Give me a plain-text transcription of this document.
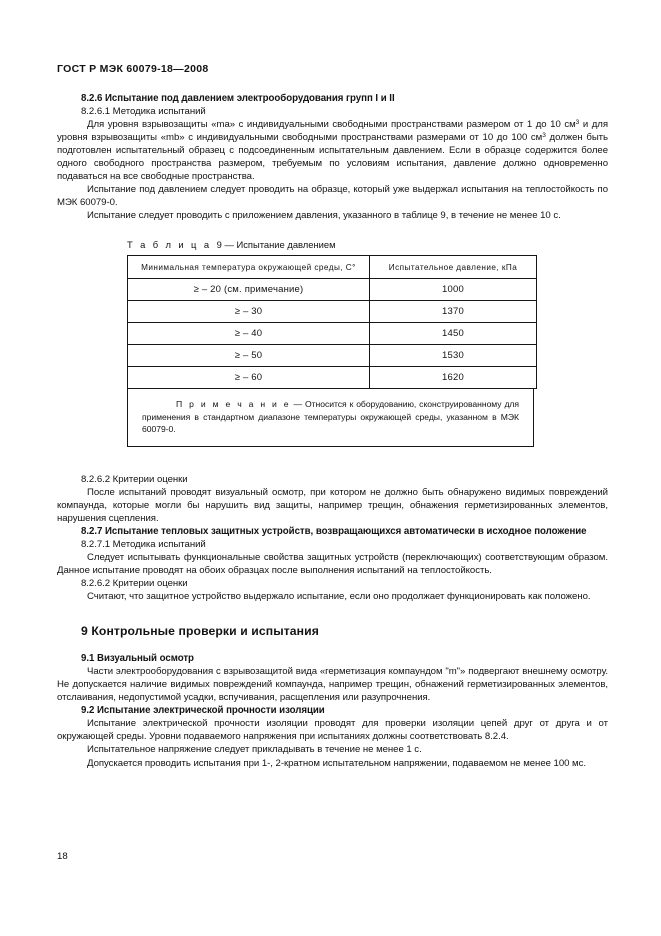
ГОСТ Р МЭК 60079-18—2008

8.2.6 Испытание под давлением электрооборудования групп I и II

8.2.6.1 Методика испытаний

Для уровня взрывозащиты «ma» с индивидуальными свободными пространствами размером от 1 до 10 $см^3$ и для уровня взрывозащиты «mb» с индивидуальными свободными пространствами размерами от 10 до 100 $см^3$ должен быть подготовлен испытательный образец с подсоединенным испытательным давлением. Если в образце содержится более одного свободного пространства размером, требуемым по условиям испытания, давление должно одновременно подаваться на все свободные пространства.

Испытание под давлением следует проводить на образце, который уже выдержал испытания на теплостойкость по МЭК 60079-0.

Испытание следует проводить с приложением давления, указанного в таблице 9, в течение не менее 10 с.

Т а б л и ц а 9 — Испытание давлением

Минимальная температура окружающей среды, С°	Испытательное давление, кПа
≥ – 20 (см. примечание)	1000
≥ – 30	1370
≥ – 40	1450
≥ – 50	1530
≥ – 60	1620

П р и м е ч а н и е — Относится к оборудованию, сконструированному для применения в стандартном диапазоне температуры окружающей среды, указанном в МЭК 60079-0.

8.2.6.2 Критерии оценки

После испытаний проводят визуальный осмотр, при котором не должно быть обнаружено видимых повреждений компаунда, которые могли бы нарушить вид защиты, например трещин, обнажения герметизированных элементов, нарушения сцепления.

8.2.7 Испытание тепловых защитных устройств, возвращающихся автоматически в исходное положение

8.2.7.1 Методика испытаний

Следует испытывать функциональные свойства защитных устройств (переключающих) соответствующим образом. Данное испытание проводят на обоих образцах после выполнения испытаний на теплостойкость.

8.2.6.2 Критерии оценки

Считают, что защитное устройство выдержало испытание, если оно продолжает функционировать как положено.

9 Контрольные проверки и испытания

9.1 Визуальный осмотр

Части электрооборудования с взрывозащитой вида «герметизация компаундом "m"» подвергают внешнему осмотру. Не допускается наличие видимых повреждений компаунда, например трещин, обнажений герметизированных элементов, отслаивания, недопустимой усадки, вспучивания, расщепления или разупрочнения.

9.2 Испытание электрической прочности изоляции

Испытание электрической прочности изоляции проводят для проверки изоляции цепей друг от друга и от окружающей среды. Уровни подаваемого напряжения при испытаниях должны соответствовать 8.2.4.

Испытательное напряжение следует прикладывать в течение не менее 1 с.

Допускается проводить испытания при 1-, 2-кратном испытательном напряжении, подаваемом не менее 100 мс.

18
